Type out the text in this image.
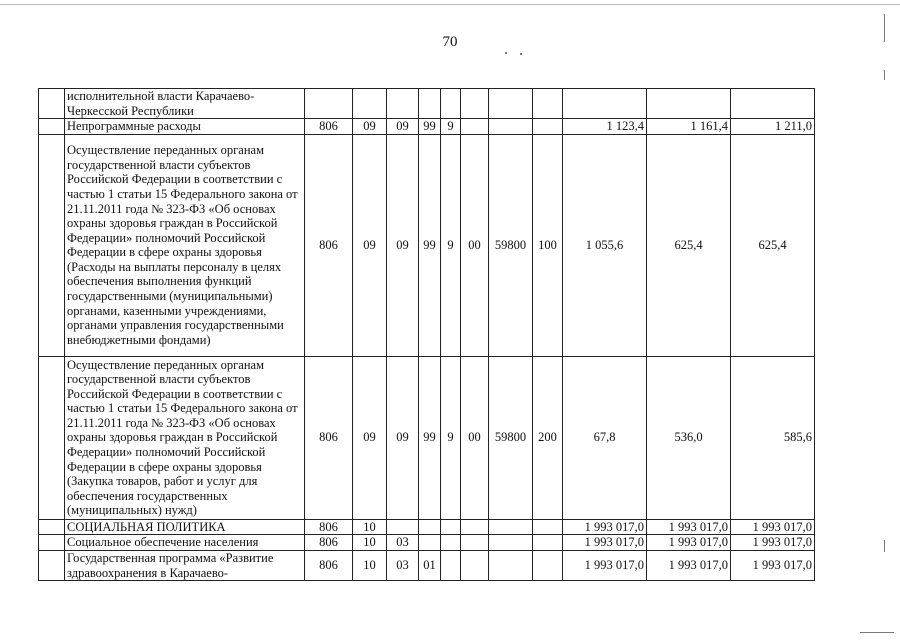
70
	исполнительной власти Карачаево-Черкесской Республики											
	Непрограммные расходы	806	09	09	99	9				1 123,4	1 161,4	1 211,0
	Осуществление переданных органам государственной власти субъектов Российской Федерации в соответствии с частью 1 статьи 15 Федерального закона от 21.11.2011 года № 323-ФЗ «Об основах охраны здоровья граждан в Российской Федерации» полномочий Российской Федерации в сфере охраны здоровья (Расходы на выплаты персоналу в целях обеспечения выполнения функций государственными (муниципальными) органами, казенными учреждениями, органами управления государственными внебюджетными фондами)	806	09	09	99	9	00	59800	100	1 055,6	625,4	625,4
	Осуществление переданных органам государственной власти субъектов Российской Федерации в соответствии с частью 1 статьи 15 Федерального закона от 21.11.2011 года № 323-ФЗ «Об основах охраны здоровья граждан в Российской Федерации» полномочий Российской Федерации в сфере охраны здоровья (Закупка товаров, работ и услуг для обеспечения государственных (муниципальных) нужд)	806	09	09	99	9	00	59800	200	67,8	536,0	585,6
	СОЦИАЛЬНАЯ ПОЛИТИКА	806	10							1 993 017,0	1 993 017,0	1 993 017,0
	Социальное обеспечение населения	806	10	03						1 993 017,0	1 993 017,0	1 993 017,0
	Государственная программа «Развитие здравоохранения в Карачаево-	806	10	03	01					1 993 017,0	1 993 017,0	1 993 017,0
